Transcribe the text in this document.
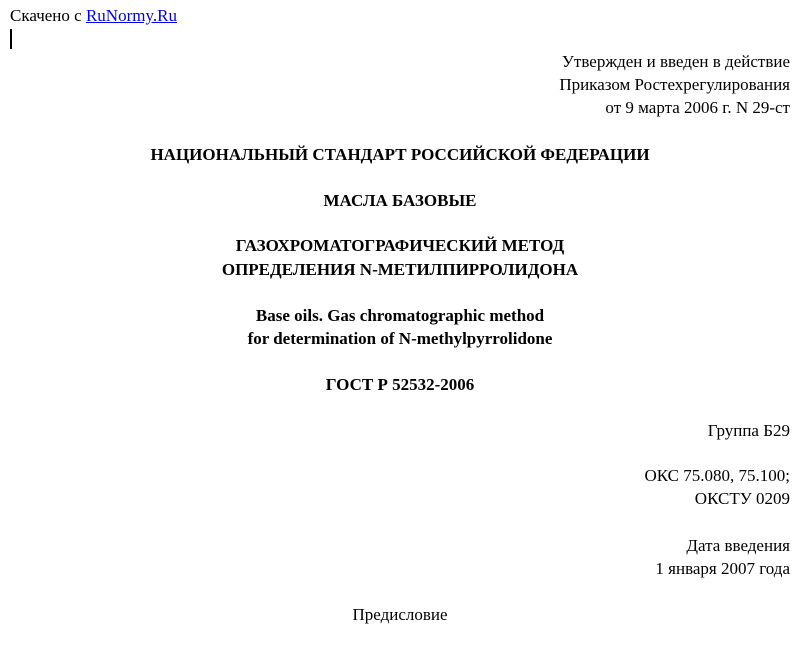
Скачено с RuNormy.Ru
Утвержден и введен в действие
Приказом Ростехрегулирования
от 9 марта 2006 г. N 29-ст
НАЦИОНАЛЬНЫЙ СТАНДАРТ РОССИЙСКОЙ ФЕДЕРАЦИИ
МАСЛА БАЗОВЫЕ
ГАЗОХРОМАТОГРАФИЧЕСКИЙ МЕТОД
ОПРЕДЕЛЕНИЯ N-МЕТИЛПИРРОЛИДОНА
Base oils. Gas chromatographic method
for determination of N-methylpyrrolidone
ГОСТ Р 52532-2006
Группа Б29
ОКС 75.080, 75.100;
ОКСТУ 0209
Дата введения
1 января 2007 года
Предисловие
